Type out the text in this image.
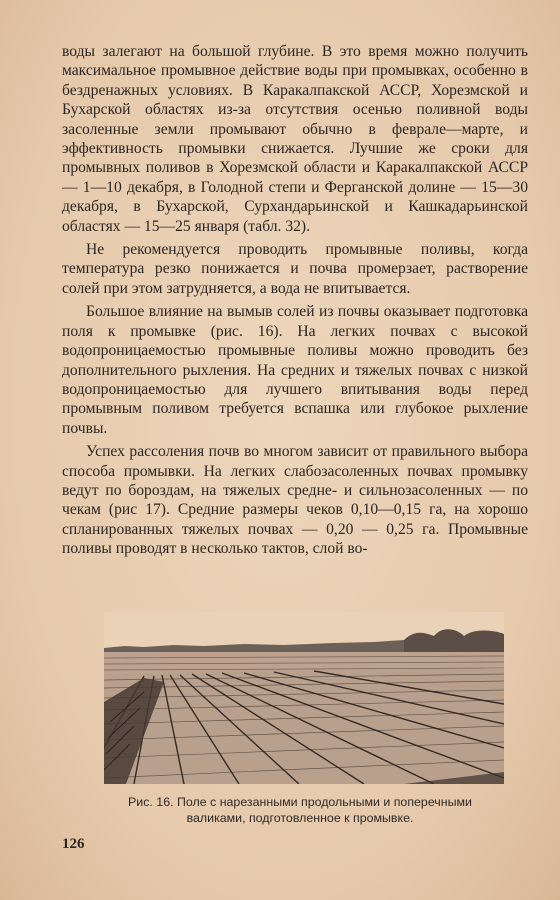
воды залегают на большой глубине. В это время можно получить максимальное промывное действие воды при промывках, особенно в бездренажных условиях. В Каракалпакской АССР, Хорезмской и Бухарской областях из-за отсутствия осенью поливной воды засоленные земли промывают обычно в феврале—марте, и эффективность промывки снижается. Лучшие же сроки для промывных поливов в Хорезмской области и Каракалпакской АССР — 1—10 декабря, в Голодной степи и Ферганской долине — 15—30 декабря, в Бухарской, Сурхандарьинской и Кашкадарьинской областях — 15—25 января (табл. 32).

Не рекомендуется проводить промывные поливы, когда температура резко понижается и почва промерзает, растворение солей при этом затрудняется, а вода не впитывается.

Большое влияние на вымыв солей из почвы оказывает подготовка поля к промывке (рис. 16). На легких почвах с высокой водопроницаемостью промывные поливы можно проводить без дополнительного рыхления. На средних и тяжелых почвах с низкой водопроницаемостью для лучшего впитывания воды перед промывным поливом требуется вспашка или глубокое рыхление почвы.

Успех рассоления почв во многом зависит от правильного выбора способа промывки. На легких слабозасоленных почвах промывку ведут по бороздам, на тяжелых средне- и сильнозасоленных — по чекам (рис 17). Средние размеры чеков 0,10—0,15 га, на хорошо спланированных тяжелых почвах — 0,20 — 0,25 га. Промывные поливы проводят в несколько тактов, слой во-

Рис. 16. Поле с нарезанными продольными и поперечными
валиками, подготовленное к промывке.
126
